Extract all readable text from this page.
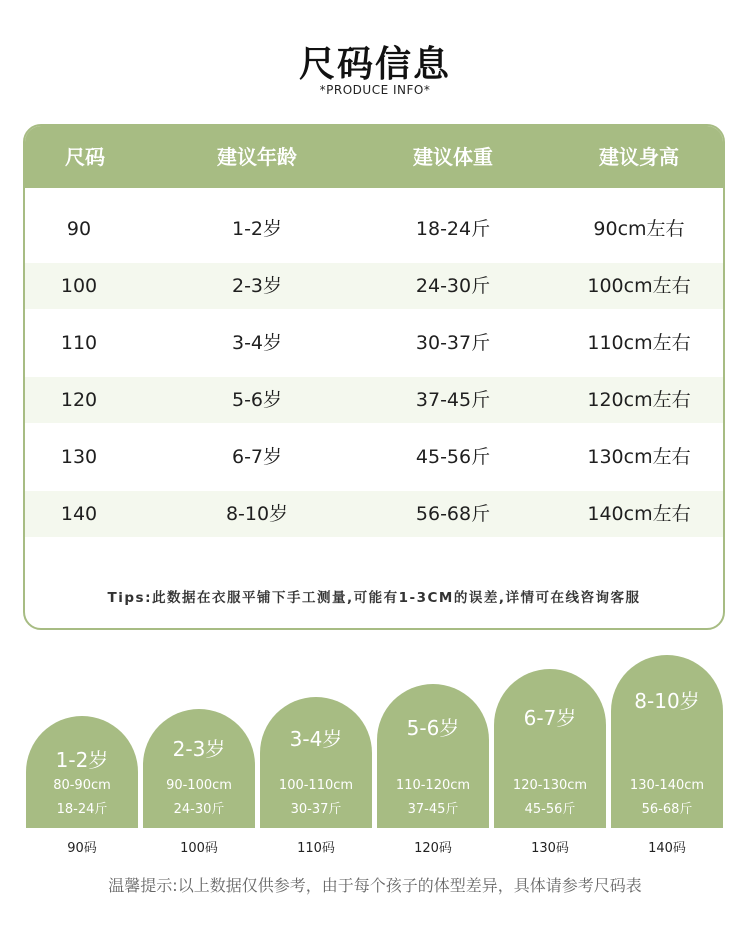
尺码信息
*PRODUCE INFO*
尺码	建议年龄	建议体重	建议身高
90	1-2岁	18-24斤	90cm左右
100	2-3岁	24-30斤	100cm左右
110	3-4岁	30-37斤	110cm左右
120	5-6岁	37-45斤	120cm左右
130	6-7岁	45-56斤	130cm左右
140	8-10岁	56-68斤	140cm左右
Tips:此数据在衣服平铺下手工测量,可能有1-3CM的误差,详情可在线咨询客服
1-2岁
80-90cm
18-24斤
2-3岁
90-100cm
24-30斤
3-4岁
100-110cm
30-37斤
5-6岁
110-120cm
37-45斤
6-7岁
120-130cm
45-56斤
8-10岁
130-140cm
56-68斤
90码	100码	110码	120码	130码	140码
温馨提示:以上数据仅供参考，由于每个孩子的体型差异，具体请参考尺码表
